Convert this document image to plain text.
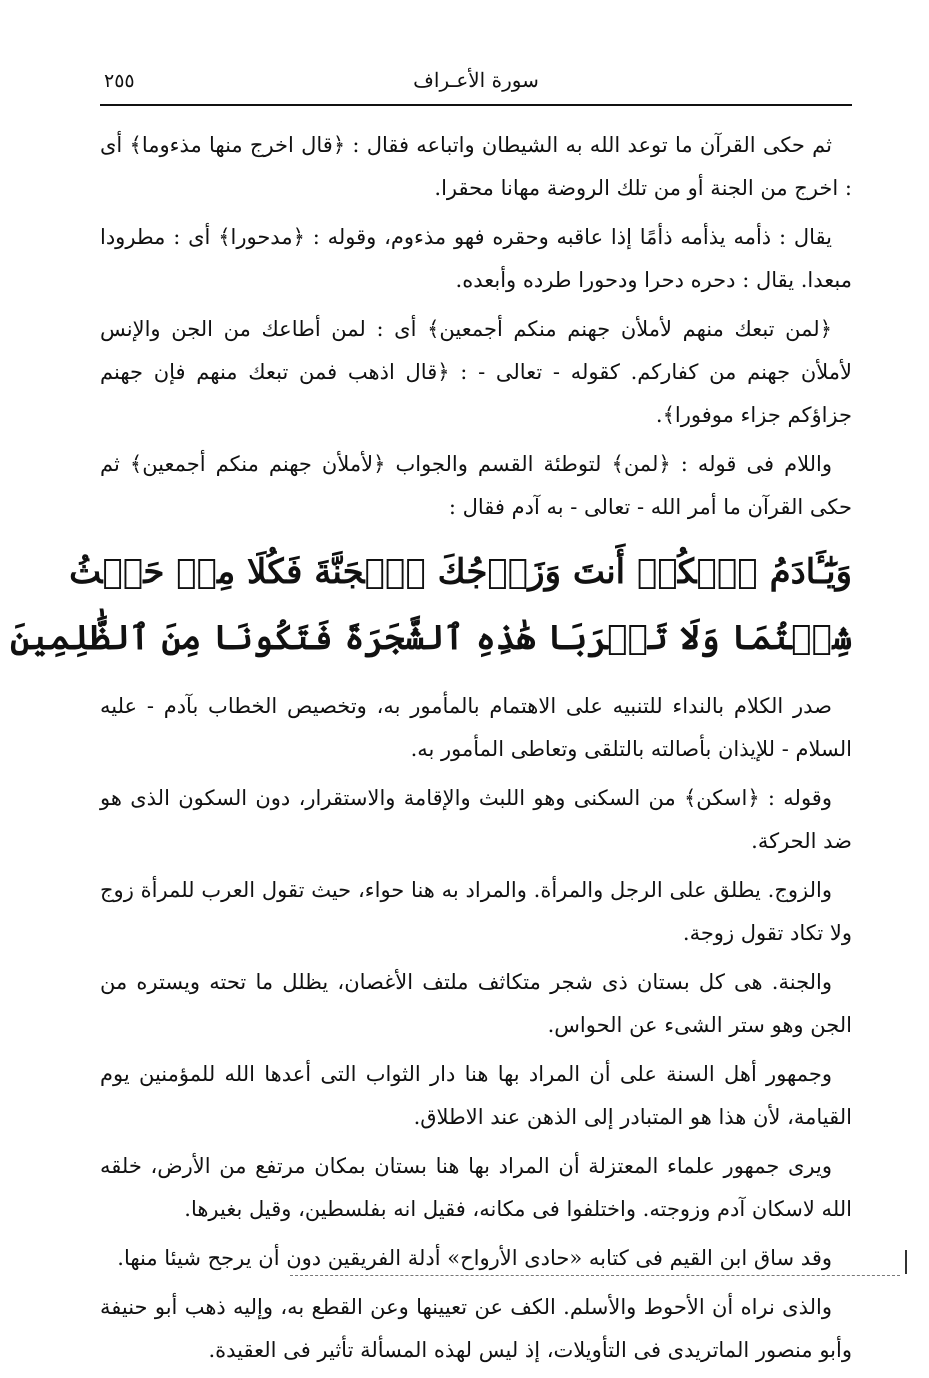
٢٥٥	سورة الأعـراف

ثم حكى القرآن ما توعد الله به الشيطان واتباعه فقال : ﴿قال اخرج منها مذءوما﴾ أى : اخرج من الجنة أو من تلك الروضة مهانا محقرا.

يقال : ذأمه يذأمه ذأمًا إذا عاقبه وحقره فهو مذءوم، وقوله : ﴿مدحورا﴾ أى : مطرودا مبعدا. يقال : دحره دحرا ودحورا طرده وأبعده.

﴿لمن تبعك منهم لأملأن جهنم منكم أجمعين﴾ أى : لمن أطاعك من الجن والإنس لأملأن جهنم من كفاركم. كقوله - تعالى - : ﴿قال اذهب فمن تبعك منهم فإن جهنم جزاؤكم جزاء موفورا﴾.

واللام فى قوله : ﴿لمن﴾ لتوطئة القسم والجواب ﴿لأملأن جهنم منكم أجمعين﴾ ثم حكى القرآن ما أمر الله - تعالى - به آدم فقال :

وَيَٰٓـَٔادَمُ ٱسۡكُنۡ أَنتَ وَزَوۡجُكَ ٱلۡجَنَّةَ فَكُلَا مِنۡ حَيۡثُ
شِئۡتُمَا وَلَا تَقۡرَبَا هَٰذِهِ ٱلشَّجَرَةَ فَتَكُونَا مِنَ ٱلظَّٰلِمِينَ

صدر الكلام بالنداء للتنبيه على الاهتمام بالمأمور به، وتخصيص الخطاب بآدم - عليه السلام - للإيذان بأصالته بالتلقى وتعاطى المأمور به.

وقوله : ﴿اسكن﴾ من السكنى وهو اللبث والإقامة والاستقرار، دون السكون الذى هو ضد الحركة.

والزوج. يطلق على الرجل والمرأة. والمراد به هنا حواء، حيث تقول العرب للمرأة زوج ولا تكاد تقول زوجة.

والجنة. هى كل بستان ذى شجر متكاثف ملتف الأغصان، يظلل ما تحته ويستره من الجن وهو ستر الشىء عن الحواس.

وجمهور أهل السنة على أن المراد بها هنا دار الثواب التى أعدها الله للمؤمنين يوم القيامة، لأن هذا هو المتبادر إلى الذهن عند الاطلاق.

ويرى جمهور علماء المعتزلة أن المراد بها هنا بستان بمكان مرتفع من الأرض، خلقه الله لاسكان آدم وزوجته. واختلفوا فى مكانه، فقيل انه بفلسطين، وقيل بغيرها.

وقد ساق ابن القيم فى كتابه «حادى الأرواح» أدلة الفريقين دون أن يرجح شيئا منها.

والذى نراه أن الأحوط والأسلم. الكف عن تعيينها وعن القطع به، وإليه ذهب أبو حنيفة وأبو منصور الماتريدى فى التأويلات، إذ ليس لهذه المسألة تأثير فى العقيدة.
